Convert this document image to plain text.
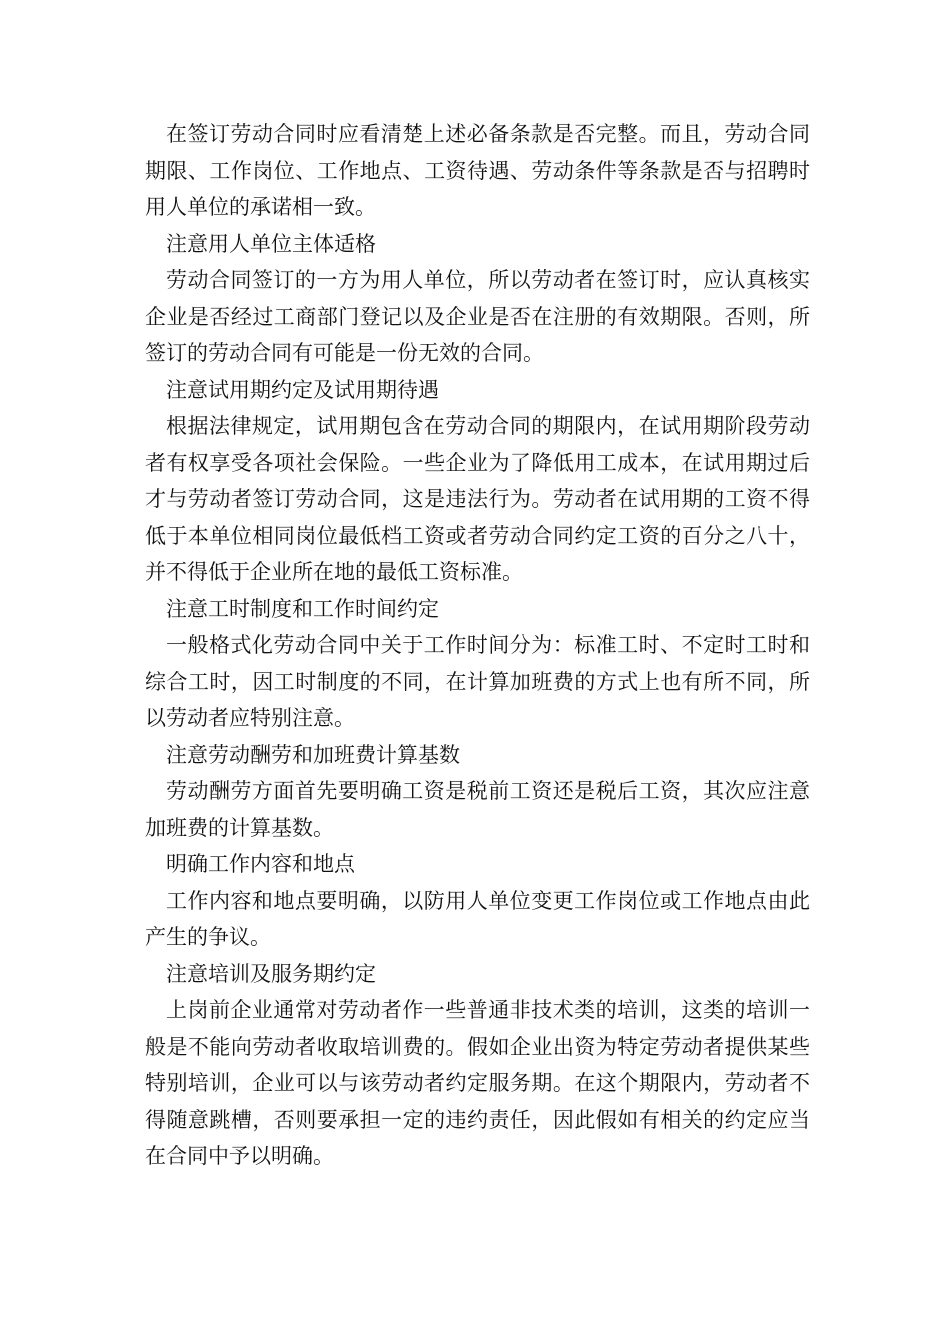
在签订劳动合同时应看清楚上述必备条款是否完整。而且，劳动合同期限、工作岗位、工作地点、工资待遇、劳动条件等条款是否与招聘时用人单位的承诺相一致。

注意用人单位主体适格

劳动合同签订的一方为用人单位，所以劳动者在签订时，应认真核实企业是否经过工商部门登记以及企业是否在注册的有效期限。否则，所签订的劳动合同有可能是一份无效的合同。

注意试用期约定及试用期待遇

根据法律规定，试用期包含在劳动合同的期限内，在试用期阶段劳动者有权享受各项社会保险。一些企业为了降低用工成本，在试用期过后才与劳动者签订劳动合同，这是违法行为。劳动者在试用期的工资不得低于本单位相同岗位最低档工资或者劳动合同约定工资的百分之八十，并不得低于企业所在地的最低工资标准。

注意工时制度和工作时间约定

一般格式化劳动合同中关于工作时间分为：标准工时、不定时工时和综合工时，因工时制度的不同，在计算加班费的方式上也有所不同，所以劳动者应特别注意。

注意劳动酬劳和加班费计算基数

劳动酬劳方面首先要明确工资是税前工资还是税后工资，其次应注意加班费的计算基数。

明确工作内容和地点

工作内容和地点要明确，以防用人单位变更工作岗位或工作地点由此产生的争议。

注意培训及服务期约定

上岗前企业通常对劳动者作一些普通非技术类的培训，这类的培训一般是不能向劳动者收取培训费的。假如企业出资为特定劳动者提供某些特别培训，企业可以与该劳动者约定服务期。在这个期限内，劳动者不得随意跳槽，否则要承担一定的违约责任，因此假如有相关的约定应当在合同中予以明确。
